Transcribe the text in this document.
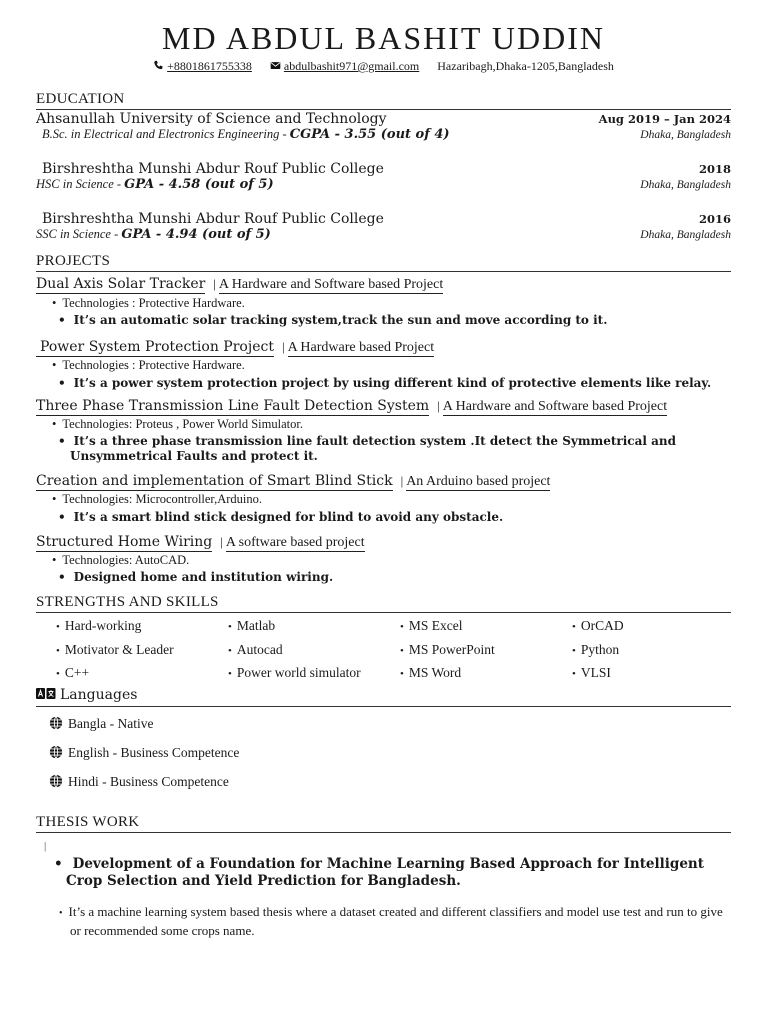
MD ABDUL BASHIT UDDIN
+8801861755338	abdulbashit971@gmail.com Hazaribagh,Dhaka-1205,Bangladesh
EDUCATION
Ahsanullah University of Science and Technology	Aug 2019 – Jan 2024
B.Sc. in Electrical and Electronics Engineering - CGPA - 3.55 (out of 4)	Dhaka, Bangladesh
Birshreshtha Munshi Abdur Rouf Public College	2018
HSC in Science - GPA - 4.58 (out of 5)	Dhaka, Bangladesh
Birshreshtha Munshi Abdur Rouf Public College	2016
SSC in Science - GPA - 4.94 (out of 5)	Dhaka, Bangladesh
PROJECTS
Dual Axis Solar Tracker | A Hardware and Software based Project
• Technologies : Protective Hardware.
• It’s an automatic solar tracking system,track the sun and move according to it.
Power System Protection Project | A Hardware based Project
• Technologies : Protective Hardware.
• It’s a power system protection project by using different kind of protective elements like relay.
Three Phase Transmission Line Fault Detection System | A Hardware and Software based Project
• Technologies: Proteus , Power World Simulator.
• It’s a three phase transmission line fault detection system .It detect the Symmetrical and Unsymmetrical Faults and protect it.
Creation and implementation of Smart Blind Stick | An Arduino based project
• Technologies: Microcontroller,Arduino.
• It’s a smart blind stick designed for blind to avoid any obstacle.
Structured Home Wiring | A software based project
• Technologies: AutoCAD.
• Designed home and institution wiring.
STRENGTHS AND SKILLS
• Hard-working	• Matlab	• MS Excel	• OrCAD
• Motivator & Leader	• Autocad	• MS PowerPoint	• Python
• C++	• Power world simulator	• MS Word	• VLSI
Languages
Bangla - Native
English - Business Competence
Hindi - Business Competence
THESIS WORK
|
• Development of a Foundation for Machine Learning Based Approach for Intelligent Crop Selection and Yield Prediction for Bangladesh.
• It’s a machine learning system based thesis where a dataset created and different classifiers and model use test and run to give or recommended some crops name.
